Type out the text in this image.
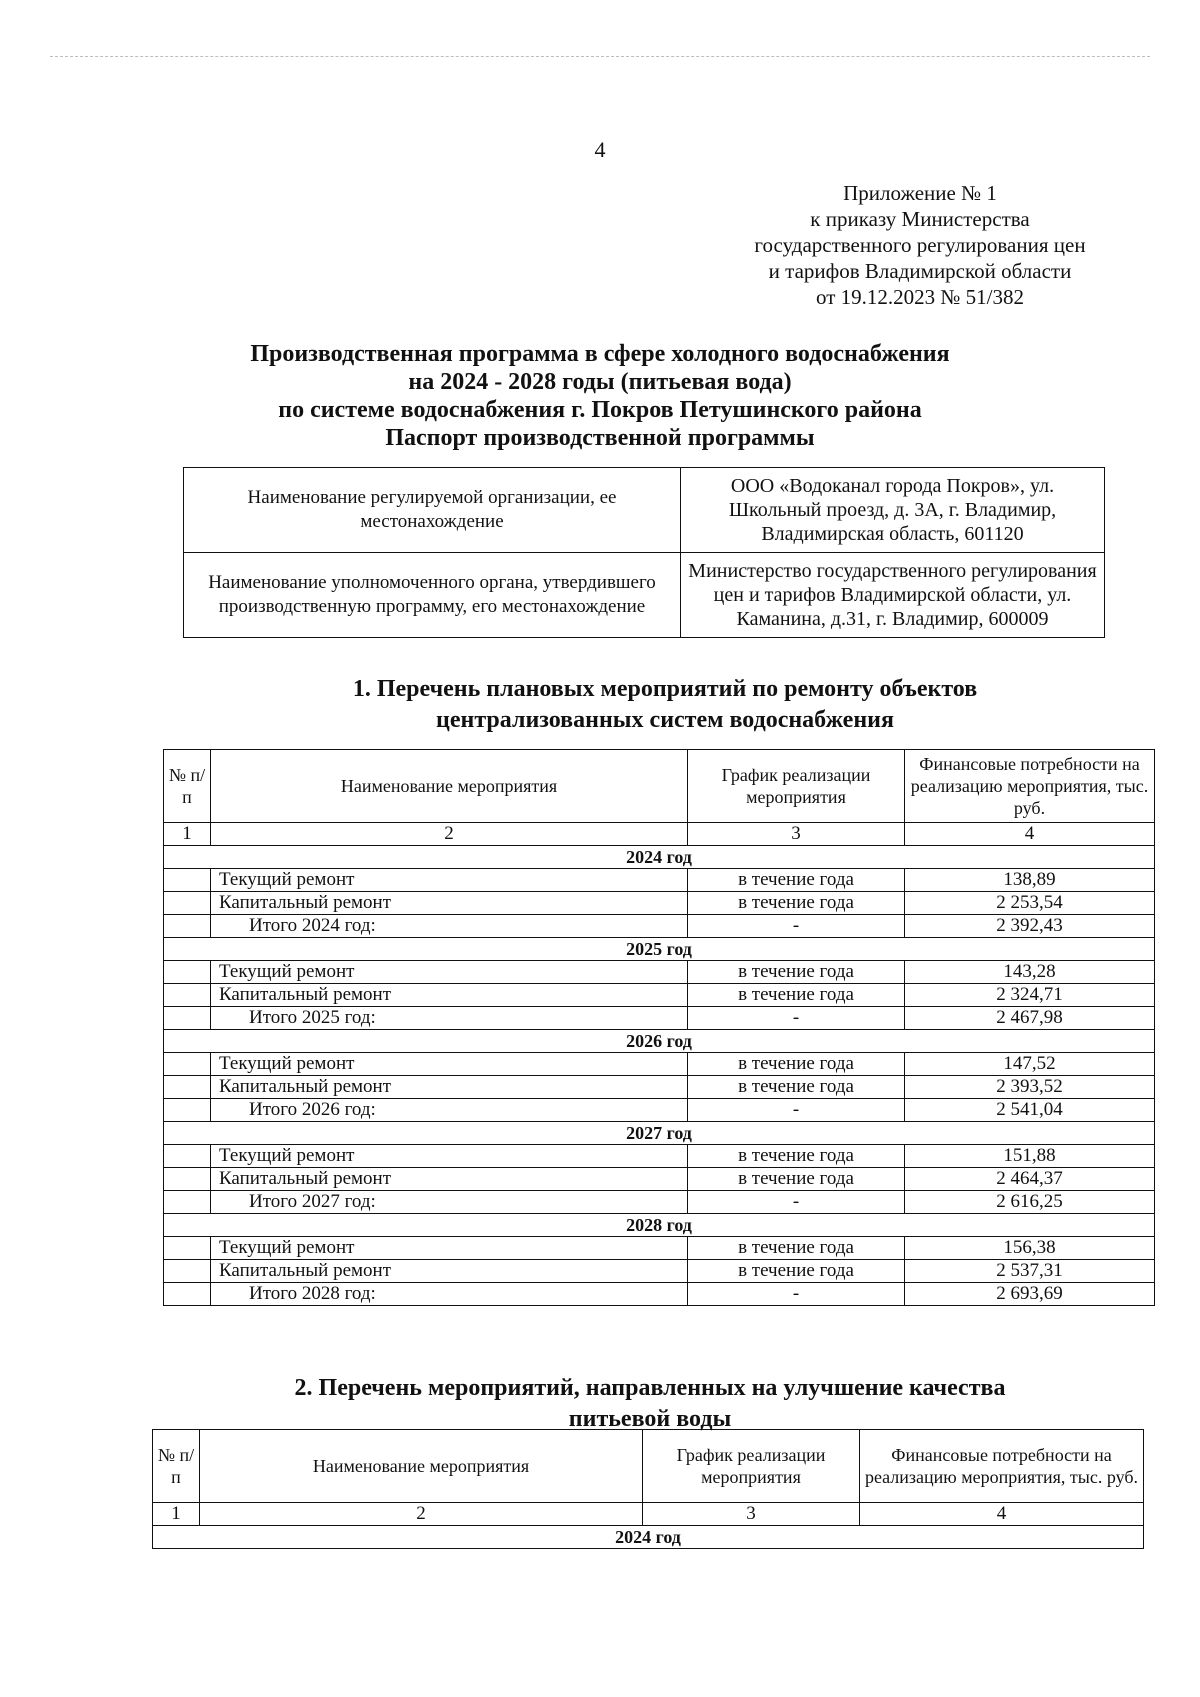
4
Приложение № 1
к приказу Министерства
государственного регулирования цен
и тарифов Владимирской области
от 19.12.2023 № 51/382
Производственная программа в сфере холодного водоснабжения
на 2024 - 2028 годы (питьевая вода)
по системе водоснабжения г. Покров Петушинского района
Паспорт производственной программы
Наименование регулируемой организации, ее местонахождение	ООО «Водоканал города Покров», ул. Школьный проезд, д. 3А, г. Владимир, Владимирская область, 601120
Наименование уполномоченного органа, утвердившего производственную программу, его местонахождение	Министерство государственного регулирования цен и тарифов Владимирской области, ул. Каманина, д.31, г. Владимир, 600009
1. Перечень плановых мероприятий по ремонту объектов
централизованных систем водоснабжения
№ п/п	Наименование мероприятия	График реализации мероприятия	Финансовые потребности на реализацию мероприятия, тыс. руб.
1	2	3	4
2024 год			
	Текущий ремонт	в течение года	138,89
	Капитальный ремонт	в течение года	2 253,54
	Итого 2024 год:	-	2 392,43
2025 год			
	Текущий ремонт	в течение года	143,28
	Капитальный ремонт	в течение года	2 324,71
	Итого 2025 год:	-	2 467,98
2026 год			
	Текущий ремонт	в течение года	147,52
	Капитальный ремонт	в течение года	2 393,52
	Итого 2026 год:	-	2 541,04
2027 год			
	Текущий ремонт	в течение года	151,88
	Капитальный ремонт	в течение года	2 464,37
	Итого 2027 год:	-	2 616,25
2028 год			
	Текущий ремонт	в течение года	156,38
	Капитальный ремонт	в течение года	2 537,31
	Итого 2028 год:	-	2 693,69
2. Перечень мероприятий, направленных на улучшение качества
питьевой воды
№ п/п	Наименование мероприятия	График реализации мероприятия	Финансовые потребности на реализацию мероприятия, тыс. руб.
1	2	3	4
2024 год			
